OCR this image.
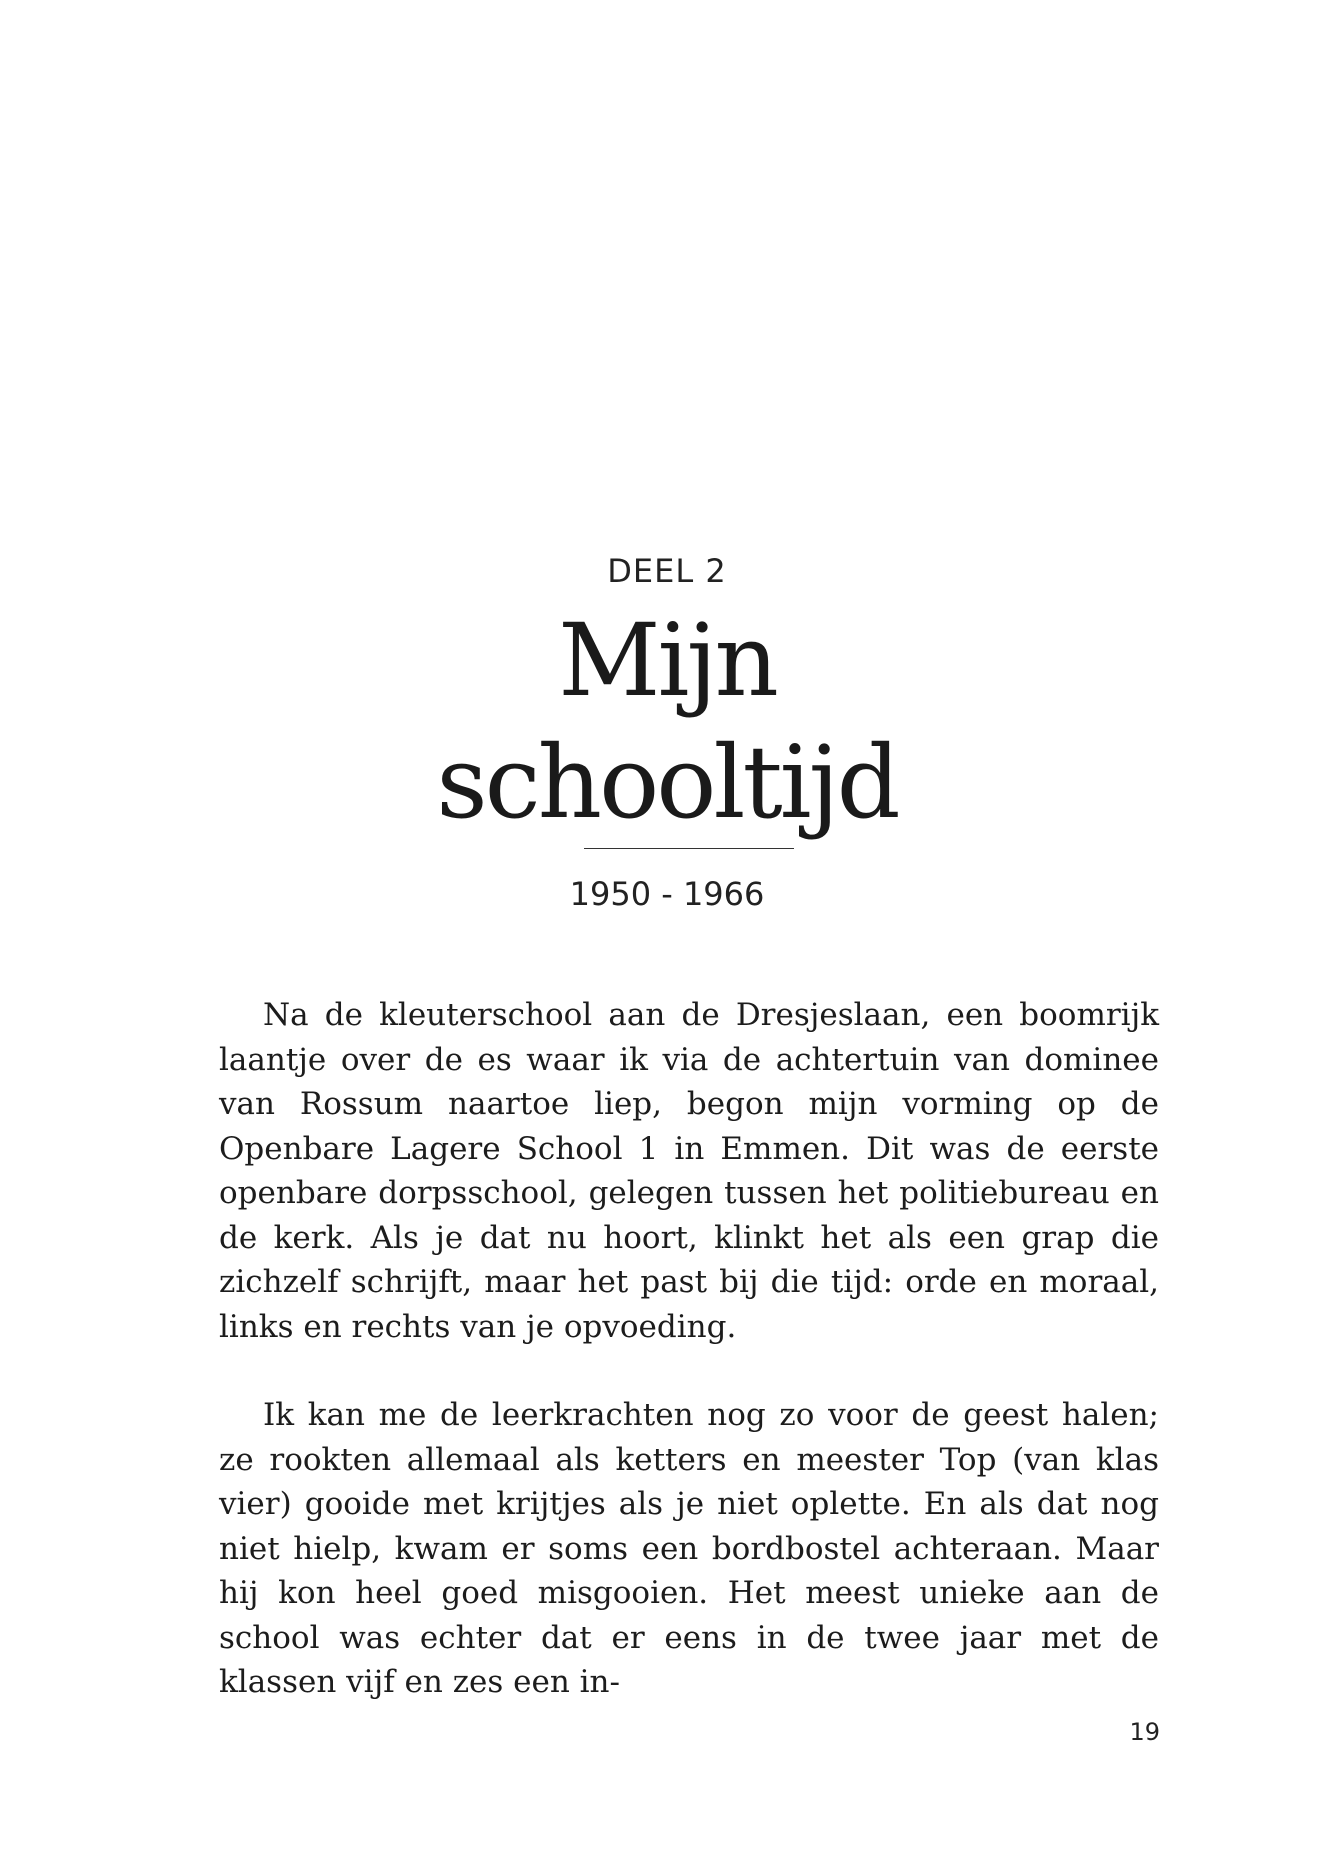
DEEL 2
Mijn
schooltijd
1950 - 1966

Na de kleuterschool aan de Dresjeslaan, een boomrijk laantje over de es waar ik via de achtertuin van dominee van Rossum naartoe liep, begon mijn vorming op de Openbare Lagere School 1 in Emmen. Dit was de eerste openbare dorpsschool, gelegen tussen het politiebureau en de kerk. Als je dat nu hoort, klinkt het als een grap die zichzelf schrijft, maar het past bij die tijd: orde en moraal, links en rechts van je opvoeding.

Ik kan me de leerkrachten nog zo voor de geest halen; ze rookten allemaal als ketters en meester Top (van klas vier) gooide met krijtjes als je niet oplette. En als dat nog niet hielp, kwam er soms een bordbostel achteraan. Maar hij kon heel goed misgooien. Het meest unieke aan de school was echter dat er eens in de twee jaar met de klassen vijf en zes een in-

19
